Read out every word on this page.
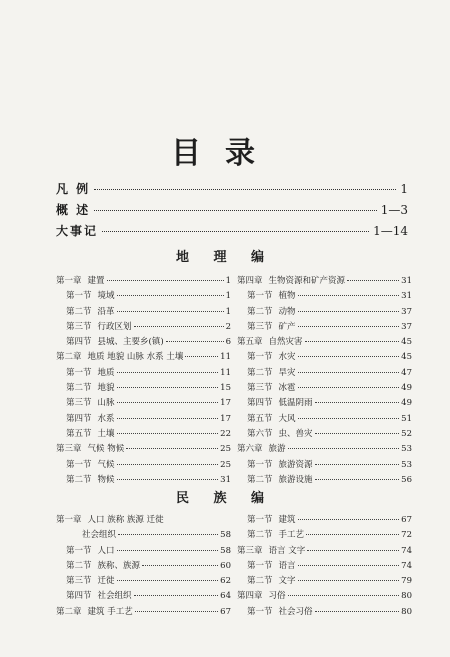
目录
凡 例	1
概 述	1—3
大事记	1—14
地 理 编
第一章 建置	1
第一节 境域	1
第二节 沿革	1
第三节 行政区划	2
第四节 县城、主要乡(镇)	6
第二章 地质 地貌 山脉 水系 土壤	11
第一节 地质	11
第二节 地貌	15
第三节 山脉	17
第四节 水系	17
第五节 土壤	22
第三章 气候 物候	25
第一节 气候	25
第二节 物候	31
第四章 生物资源和矿产资源	31
第一节 植物	31
第二节 动物	37
第三节 矿产	37
第五章 自然灾害	45
第一节 水灾	45
第二节 旱灾	47
第三节 冰雹	49
第四节 低温阴雨	49
第五节 大风	51
第六节 虫、兽灾	52
第六章 旅游	53
第一节 旅游资源	53
第二节 旅游设施	56
民 族 编
第一章 人口 族称 族源 迁徙
社会组织	58
第一节 人口	58
第二节 族称、族源	60
第三节 迁徙	62
第四节 社会组织	64
第二章 建筑 手工艺	67
第一节 建筑	67
第二节 手工艺	72
第三章 语言 文字	74
第一节 语言	74
第二节 文字	79
第四章 习俗	80
第一节 社会习俗	80
